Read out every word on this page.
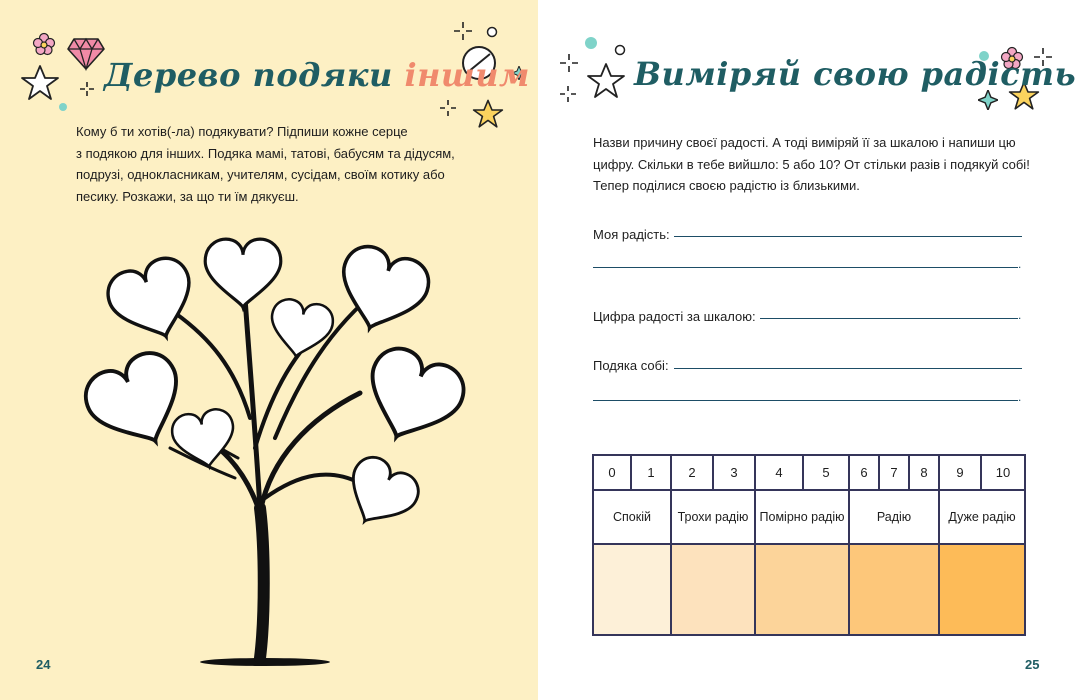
Дерево подяки іншим
Кому б ти хотів(-ла) подякувати? Підпиши кожне серце
з подякою для інших. Подяка мамі, татові, бабусям та дідусям,
подрузі, однокласникам, учителям, сусідам, своїм котику або
песику. Розкажи, за що ти їм дякуєш.
24
Виміряй свою радість
Назви причину своєї радості. А тоді виміряй її за шкалою і напиши цю
цифру. Скільки в тебе вийшло: 5 або 10? От стільки разів і подякуй собі!
Тепер поділися своєю радістю із близькими.
Моя радість:
.
Цифра радості за шкалою:	.
Подяка собі:
.
0	1	2	3	4	5	6	7	8	9	10
Спокій		Трохи радію		Помірно радію		Радію			Дуже радію	

25
